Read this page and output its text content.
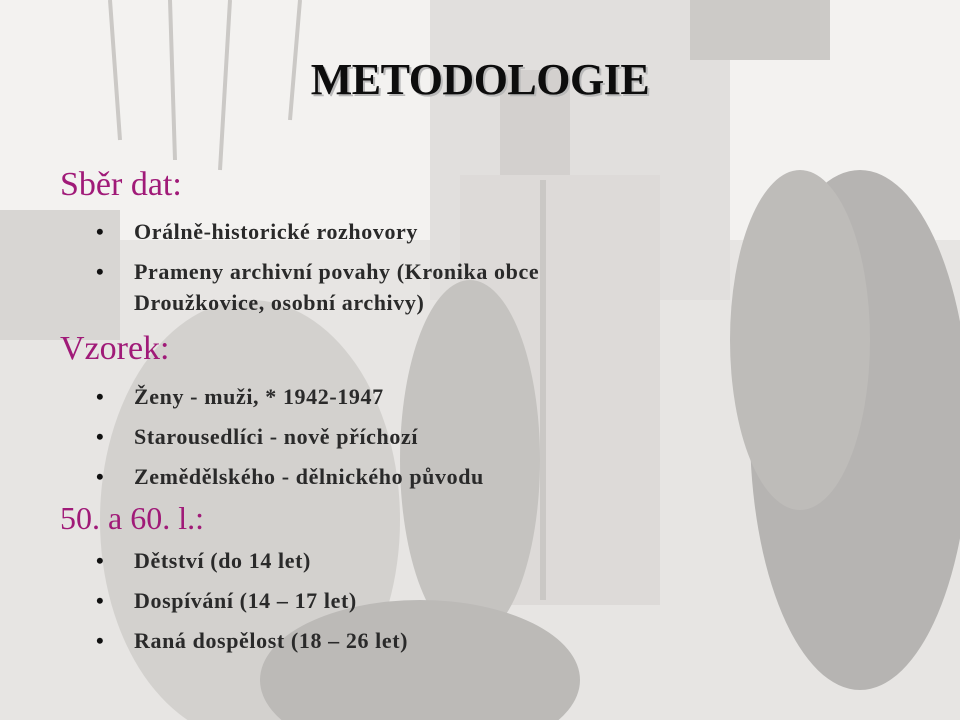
METODOLOGIE
Sběr dat:
• Orálně-historické rozhovory
• Prameny archivní povahy (Kronika obce Droužkovice, osobní archivy)
Vzorek:
• Ženy - muži, * 1942-1947
• Starousedlíci - nově příchozí
• Zemědělského - dělnického původu
50. a 60. l.:
• Dětství (do 14 let)
• Dospívání (14 – 17 let)
• Raná dospělost (18 – 26 let)
